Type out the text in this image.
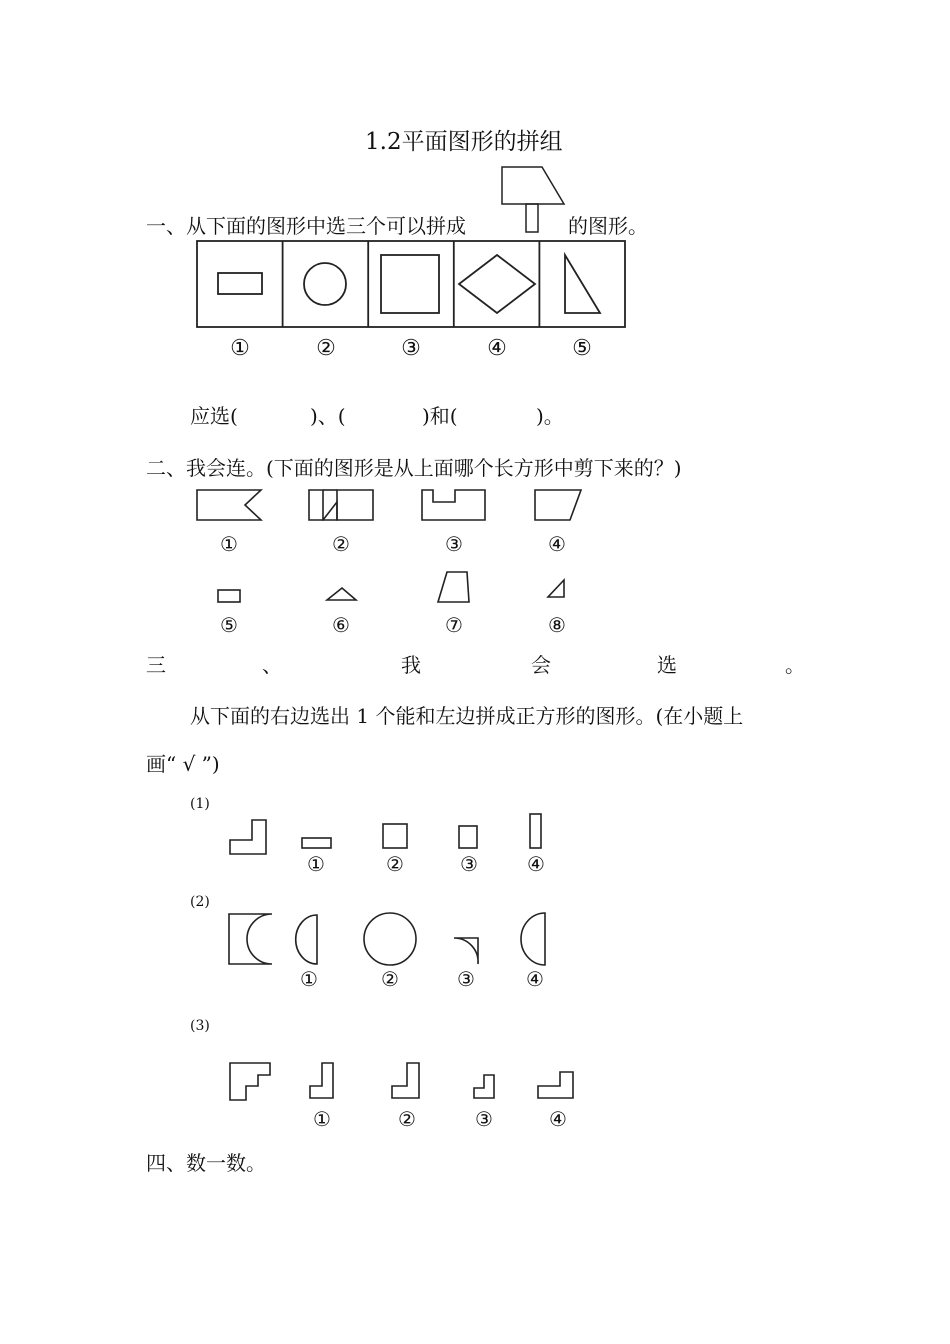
1.2平面图形的拼组
一、从下面的图形中选三个可以拼成	的图形。
①	②	③	④	⑤
应选(	)、(	)和(	)。
二、我会连。(下面的图形是从上面哪个长方形中剪下来的？)
①	②	③	④
⑤	⑥	⑦	⑧
三	、	我	会	选	。
从下面的右边选出 1 个能和左边拼成正方形的图形。(在小题上
画“ √ ”)
(1)
①	②	③	④
(2)
①	②	③	④
(3)
①	②	③	④
四、数一数。
